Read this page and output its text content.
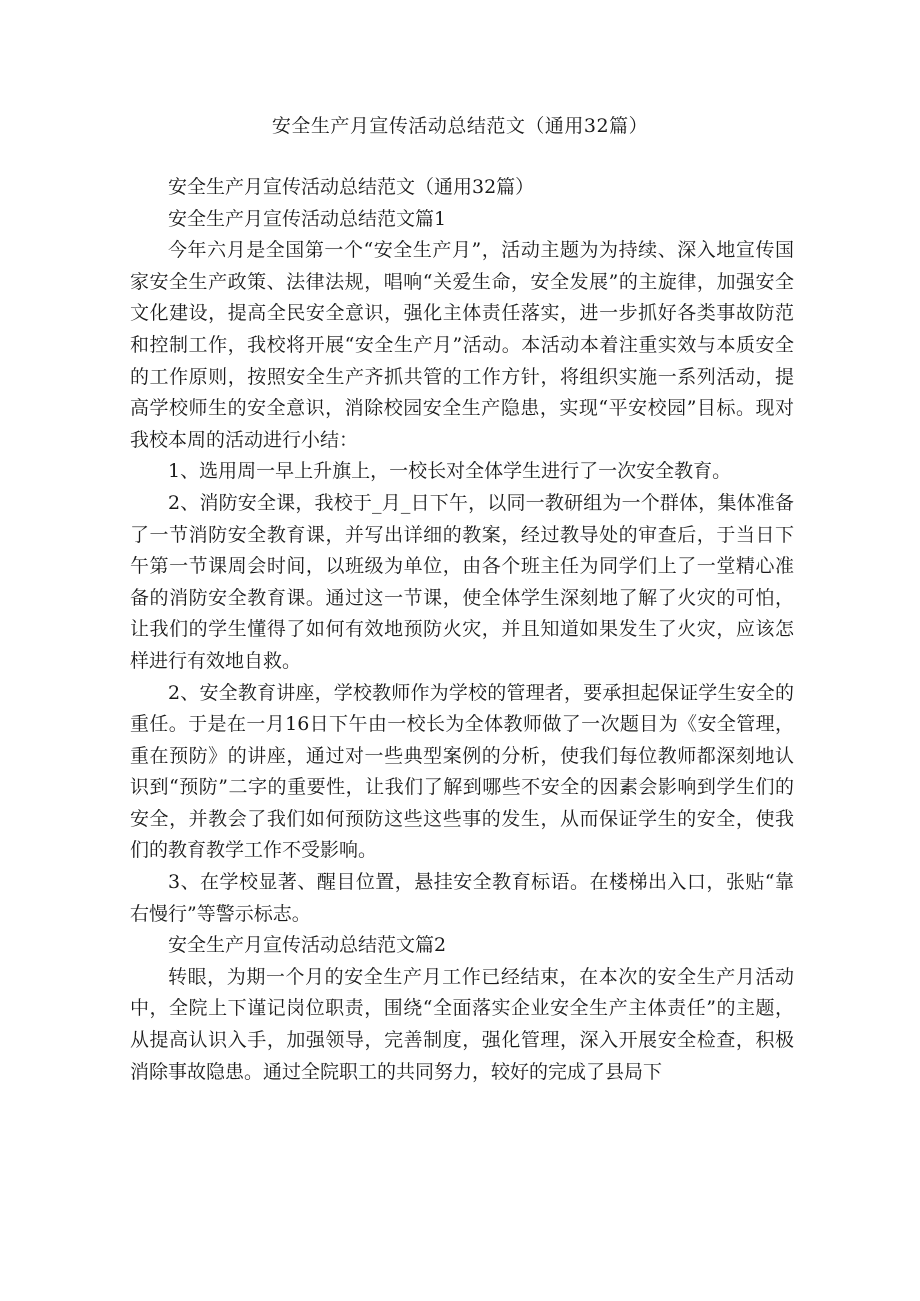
安全生产月宣传活动总结范文（通用32篇）

安全生产月宣传活动总结范文（通用32篇）

安全生产月宣传活动总结范文篇1

今年六月是全国第一个“安全生产月”，活动主题为为持续、深入地宣传国家安全生产政策、法律法规，唱响“关爱生命，安全发展”的主旋律，加强安全文化建设，提高全民安全意识，强化主体责任落实，进一步抓好各类事故防范和控制工作，我校将开展“安全生产月”活动。本活动本着注重实效与本质安全的工作原则，按照安全生产齐抓共管的工作方针，将组织实施一系列活动，提高学校师生的安全意识，消除校园安全生产隐患，实现“平安校园”目标。现对我校本周的活动进行小结：

1、选用周一早上升旗上，一校长对全体学生进行了一次安全教育。

2、消防安全课，我校于_月_日下午，以同一教研组为一个群体，集体准备了一节消防安全教育课，并写出详细的教案，经过教导处的审查后，于当日下午第一节课周会时间，以班级为单位，由各个班主任为同学们上了一堂精心准备的消防安全教育课。通过这一节课，使全体学生深刻地了解了火灾的可怕，让我们的学生懂得了如何有效地预防火灾，并且知道如果发生了火灾，应该怎样进行有效地自救。

2、安全教育讲座，学校教师作为学校的管理者，要承担起保证学生安全的重任。于是在一月16日下午由一校长为全体教师做了一次题目为《安全管理，重在预防》的讲座，通过对一些典型案例的分析，使我们每位教师都深刻地认识到“预防”二字的重要性，让我们了解到哪些不安全的因素会影响到学生们的安全，并教会了我们如何预防这些这些事的发生，从而保证学生的安全，使我们的教育教学工作不受影响。

3、在学校显著、醒目位置，悬挂安全教育标语。在楼梯出入口，张贴“靠右慢行”等警示标志。

安全生产月宣传活动总结范文篇2

转眼，为期一个月的安全生产月工作已经结束，在本次的安全生产月活动中，全院上下谨记岗位职责，围绕“全面落实企业安全生产主体责任”的主题，从提高认识入手，加强领导，完善制度，强化管理，深入开展安全检查，积极消除事故隐患。通过全院职工的共同努力，较好的完成了县局下
